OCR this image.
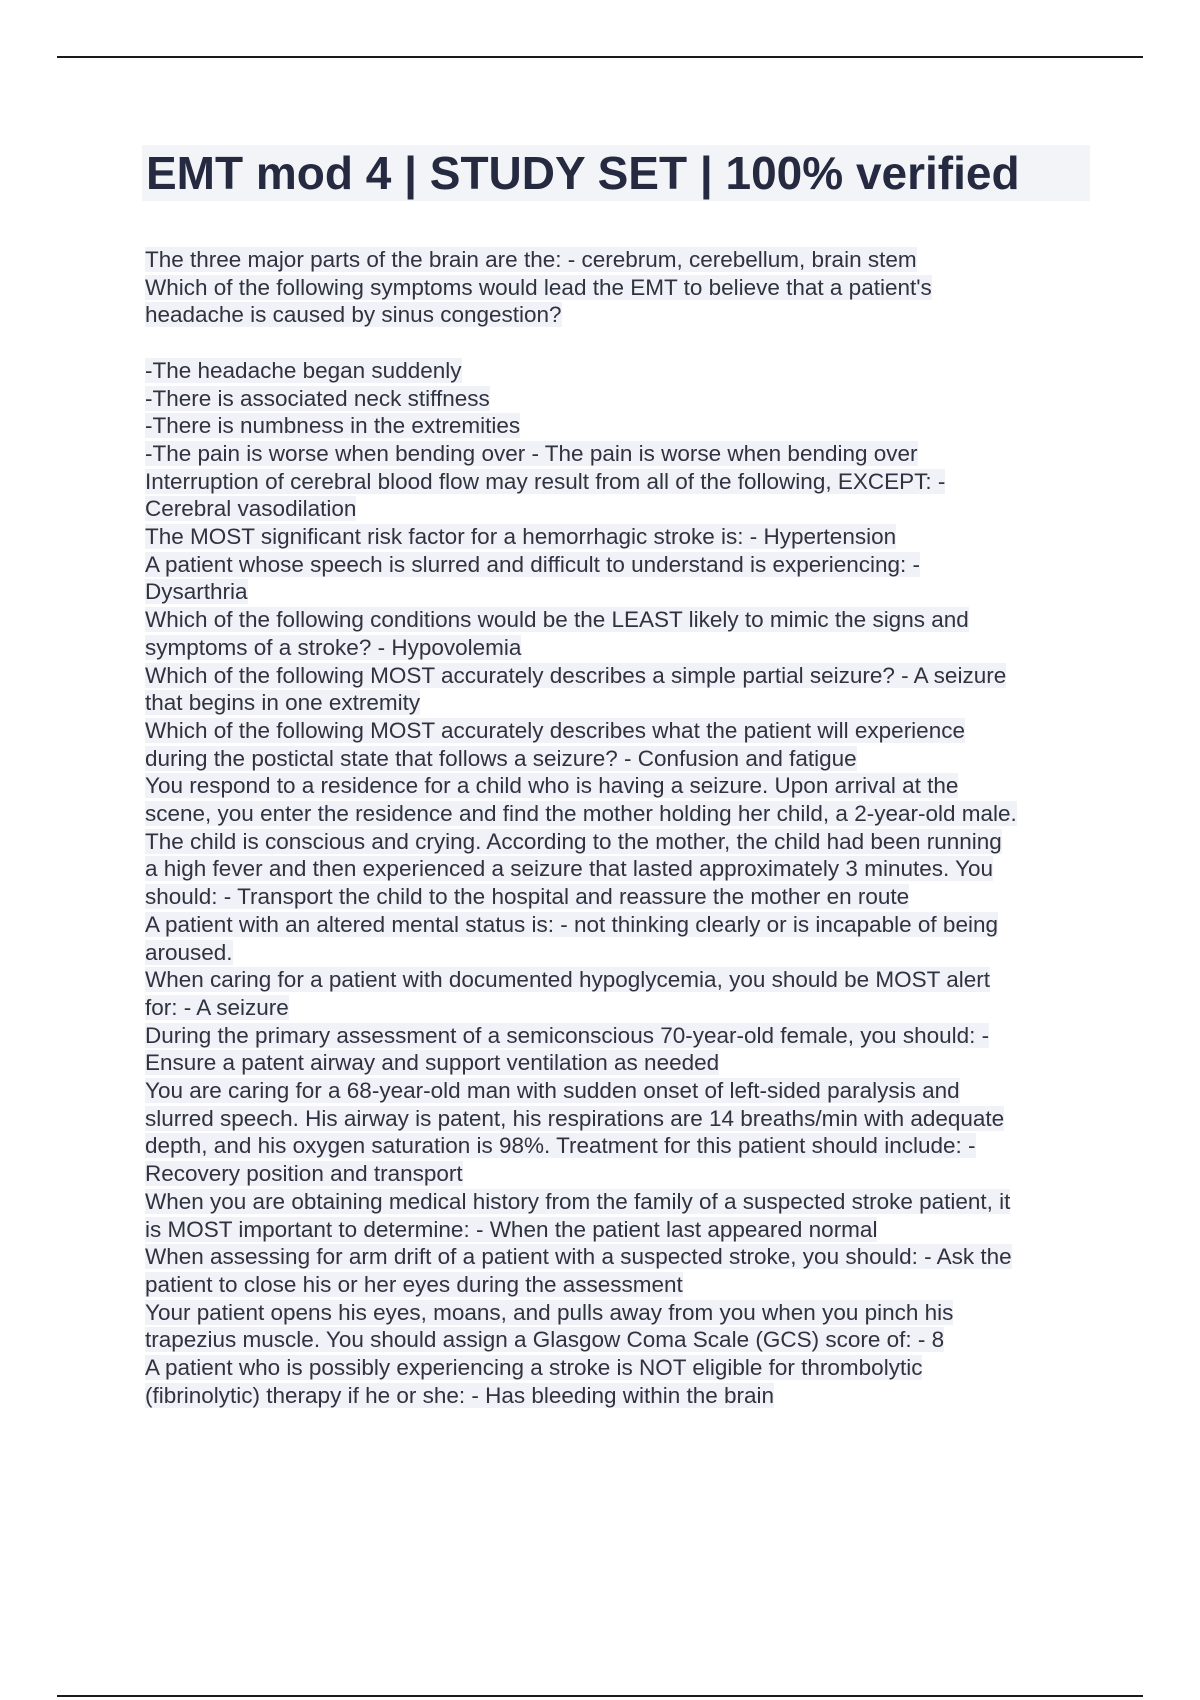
EMT mod 4 | STUDY SET | 100% verified
The three major parts of the brain are the: - cerebrum, cerebellum, brain stem
Which of the following symptoms would lead the EMT to believe that a patient's
headache is caused by sinus congestion?
-The headache began suddenly
-There is associated neck stiffness
-There is numbness in the extremities
-The pain is worse when bending over - The pain is worse when bending over
Interruption of cerebral blood flow may result from all of the following, EXCEPT: -
Cerebral vasodilation
The MOST significant risk factor for a hemorrhagic stroke is: - Hypertension
A patient whose speech is slurred and difficult to understand is experiencing: -
Dysarthria
Which of the following conditions would be the LEAST likely to mimic the signs and
symptoms of a stroke? - Hypovolemia
Which of the following MOST accurately describes a simple partial seizure? - A seizure
that begins in one extremity
Which of the following MOST accurately describes what the patient will experience
during the postictal state that follows a seizure? - Confusion and fatigue
You respond to a residence for a child who is having a seizure. Upon arrival at the
scene, you enter the residence and find the mother holding her child, a 2-year-old male.
The child is conscious and crying. According to the mother, the child had been running
a high fever and then experienced a seizure that lasted approximately 3 minutes. You
should: - Transport the child to the hospital and reassure the mother en route
A patient with an altered mental status is: - not thinking clearly or is incapable of being
aroused.
When caring for a patient with documented hypoglycemia, you should be MOST alert
for: - A seizure
During the primary assessment of a semiconscious 70-year-old female, you should: -
Ensure a patent airway and support ventilation as needed
You are caring for a 68-year-old man with sudden onset of left-sided paralysis and
slurred speech. His airway is patent, his respirations are 14 breaths/min with adequate
depth, and his oxygen saturation is 98%. Treatment for this patient should include: -
Recovery position and transport
When you are obtaining medical history from the family of a suspected stroke patient, it
is MOST important to determine: - When the patient last appeared normal
When assessing for arm drift of a patient with a suspected stroke, you should: - Ask the
patient to close his or her eyes during the assessment
Your patient opens his eyes, moans, and pulls away from you when you pinch his
trapezius muscle. You should assign a Glasgow Coma Scale (GCS) score of: - 8
A patient who is possibly experiencing a stroke is NOT eligible for thrombolytic
(fibrinolytic) therapy if he or she: - Has bleeding within the brain
